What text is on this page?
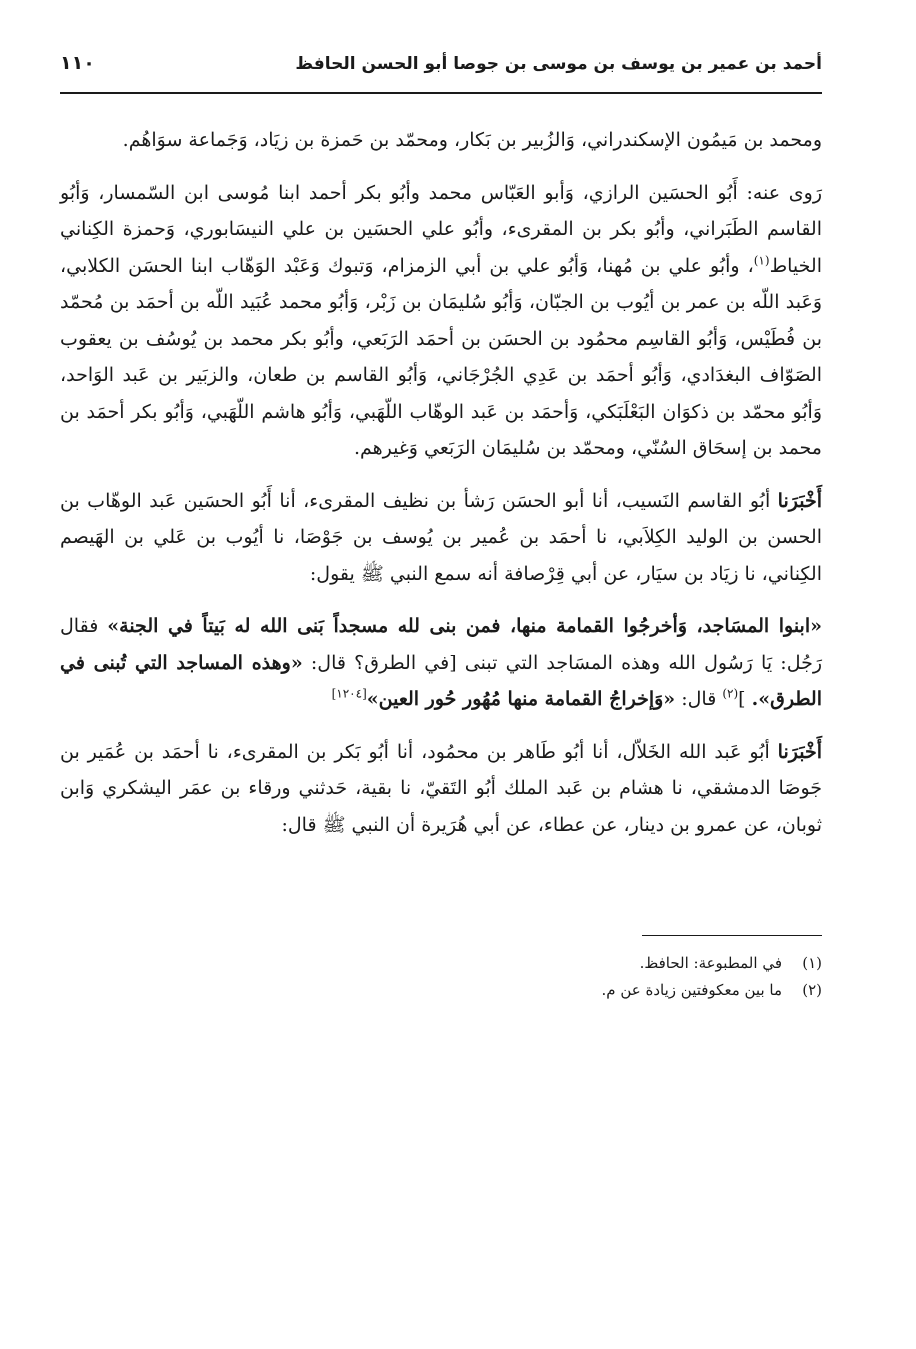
أحمد بن عمير بن يوسف بن موسى بن جوصا أبو الحسن الحافظ
١١٠

ومحمد بن مَيمُون الإسكندراني، وَالزُبير بن بَكار، ومحمّد بن حَمزة بن زيَاد، وَجَماعة سوَاهُم.

رَوى عنه: أَبُو الحسَين الرازي، وَأبو العَبّاس محمد وأبُو بكر أحمد ابنا مُوسى ابن السّمسار، وَأبُو القاسم الطَبَراني، وأبُو بكر بن المقرىء، وأبُو علي الحسَين بن علي النيسَابوري، وَحمزة الكِناني الخياط$^{(١)}$، وأبُو علي بن مُهنا، وَأبُو علي بن أبي الزمزام، وَتبوك وَعَبْد الوَهّاب ابنا الحسَن الكلابي، وَعَبد اللّه بن عمر بن أيُوب بن الجبّان، وَأبُو سُليمَان بن زَبْر، وَأبُو محمد عُبَيد اللّه بن أحمَد بن مُحمّد بن فُطَيْس، وَأبُو القاسِم محمُود بن الحسَن بن أحمَد الرَبَعي، وأبُو بكر محمد بن يُوسُف بن يعقوب الصَوّاف البغدَادي، وَأبُو أحمَد بن عَدِي الجُرْجَاني، وَأبُو القاسم بن طعان، والزبَير بن عَبد الوَاحد، وَأبُو محمّد بن ذكوَان البَعْلَبَكي، وَأحمَد بن عَبد الوهّاب اللّهَبي، وَأبُو هاشم اللّهَبي، وَأبُو بكر أحمَد بن محمد بن إسحَاق السُنّي، ومحمّد بن سُليمَان الرَبَعي وَغيرهم.

أَخْبَرَنا أبُو القاسم النَسيب، أنا أبو الحسَن رَشأ بن نظيف المقرىء، أنا أَبُو الحسَين عَبد الوهّاب بن الحسن بن الوليد الكِلاَبي، نا أحمَد بن عُمير بن يُوسف بن جَوْصَا، نا أيُوب بن عَلي بن الهَيصم الكِناني، نا زيَاد بن سيَار، عن أبي قِرْصافة أنه سمع النبي ﷺ يقول:

«ابنوا المسَاجد، وَأخرجُوا القمامة منها، فمن بنى لله مسجداً بَنى الله له بَيتاً في الجنة» فقال رَجُل: يَا رَسُول الله وهذه المسَاجد التي تبنى [في الطرق؟ قال: «وهذه المساجد التي تُبنى في الطرق». ]$^{(٢)}$ قال: «وَإخراجُ القمامة منها مُهُور حُور العين»[١٢٠٤]

أَخْبَرَنا أبُو عَبد الله الخَلاّل، أنا أبُو طَاهر بن محمُود، أنا أبُو بَكر بن المقرىء، نا أحمَد بن عُمَير بن جَوصَا الدمشقي، نا هشام بن عَبد الملك أبُو التَقيّ، نا بقية، حَدثني ورقاء بن عمَر اليشكري وَابن ثوبان، عن عمرو بن دينار، عن عطاء، عن أبي هُرَيرة أن النبي ﷺ قال:

(١)
في المطبوعة: الحافظ.
(٢)
ما بين معكوفتين زيادة عن م.
